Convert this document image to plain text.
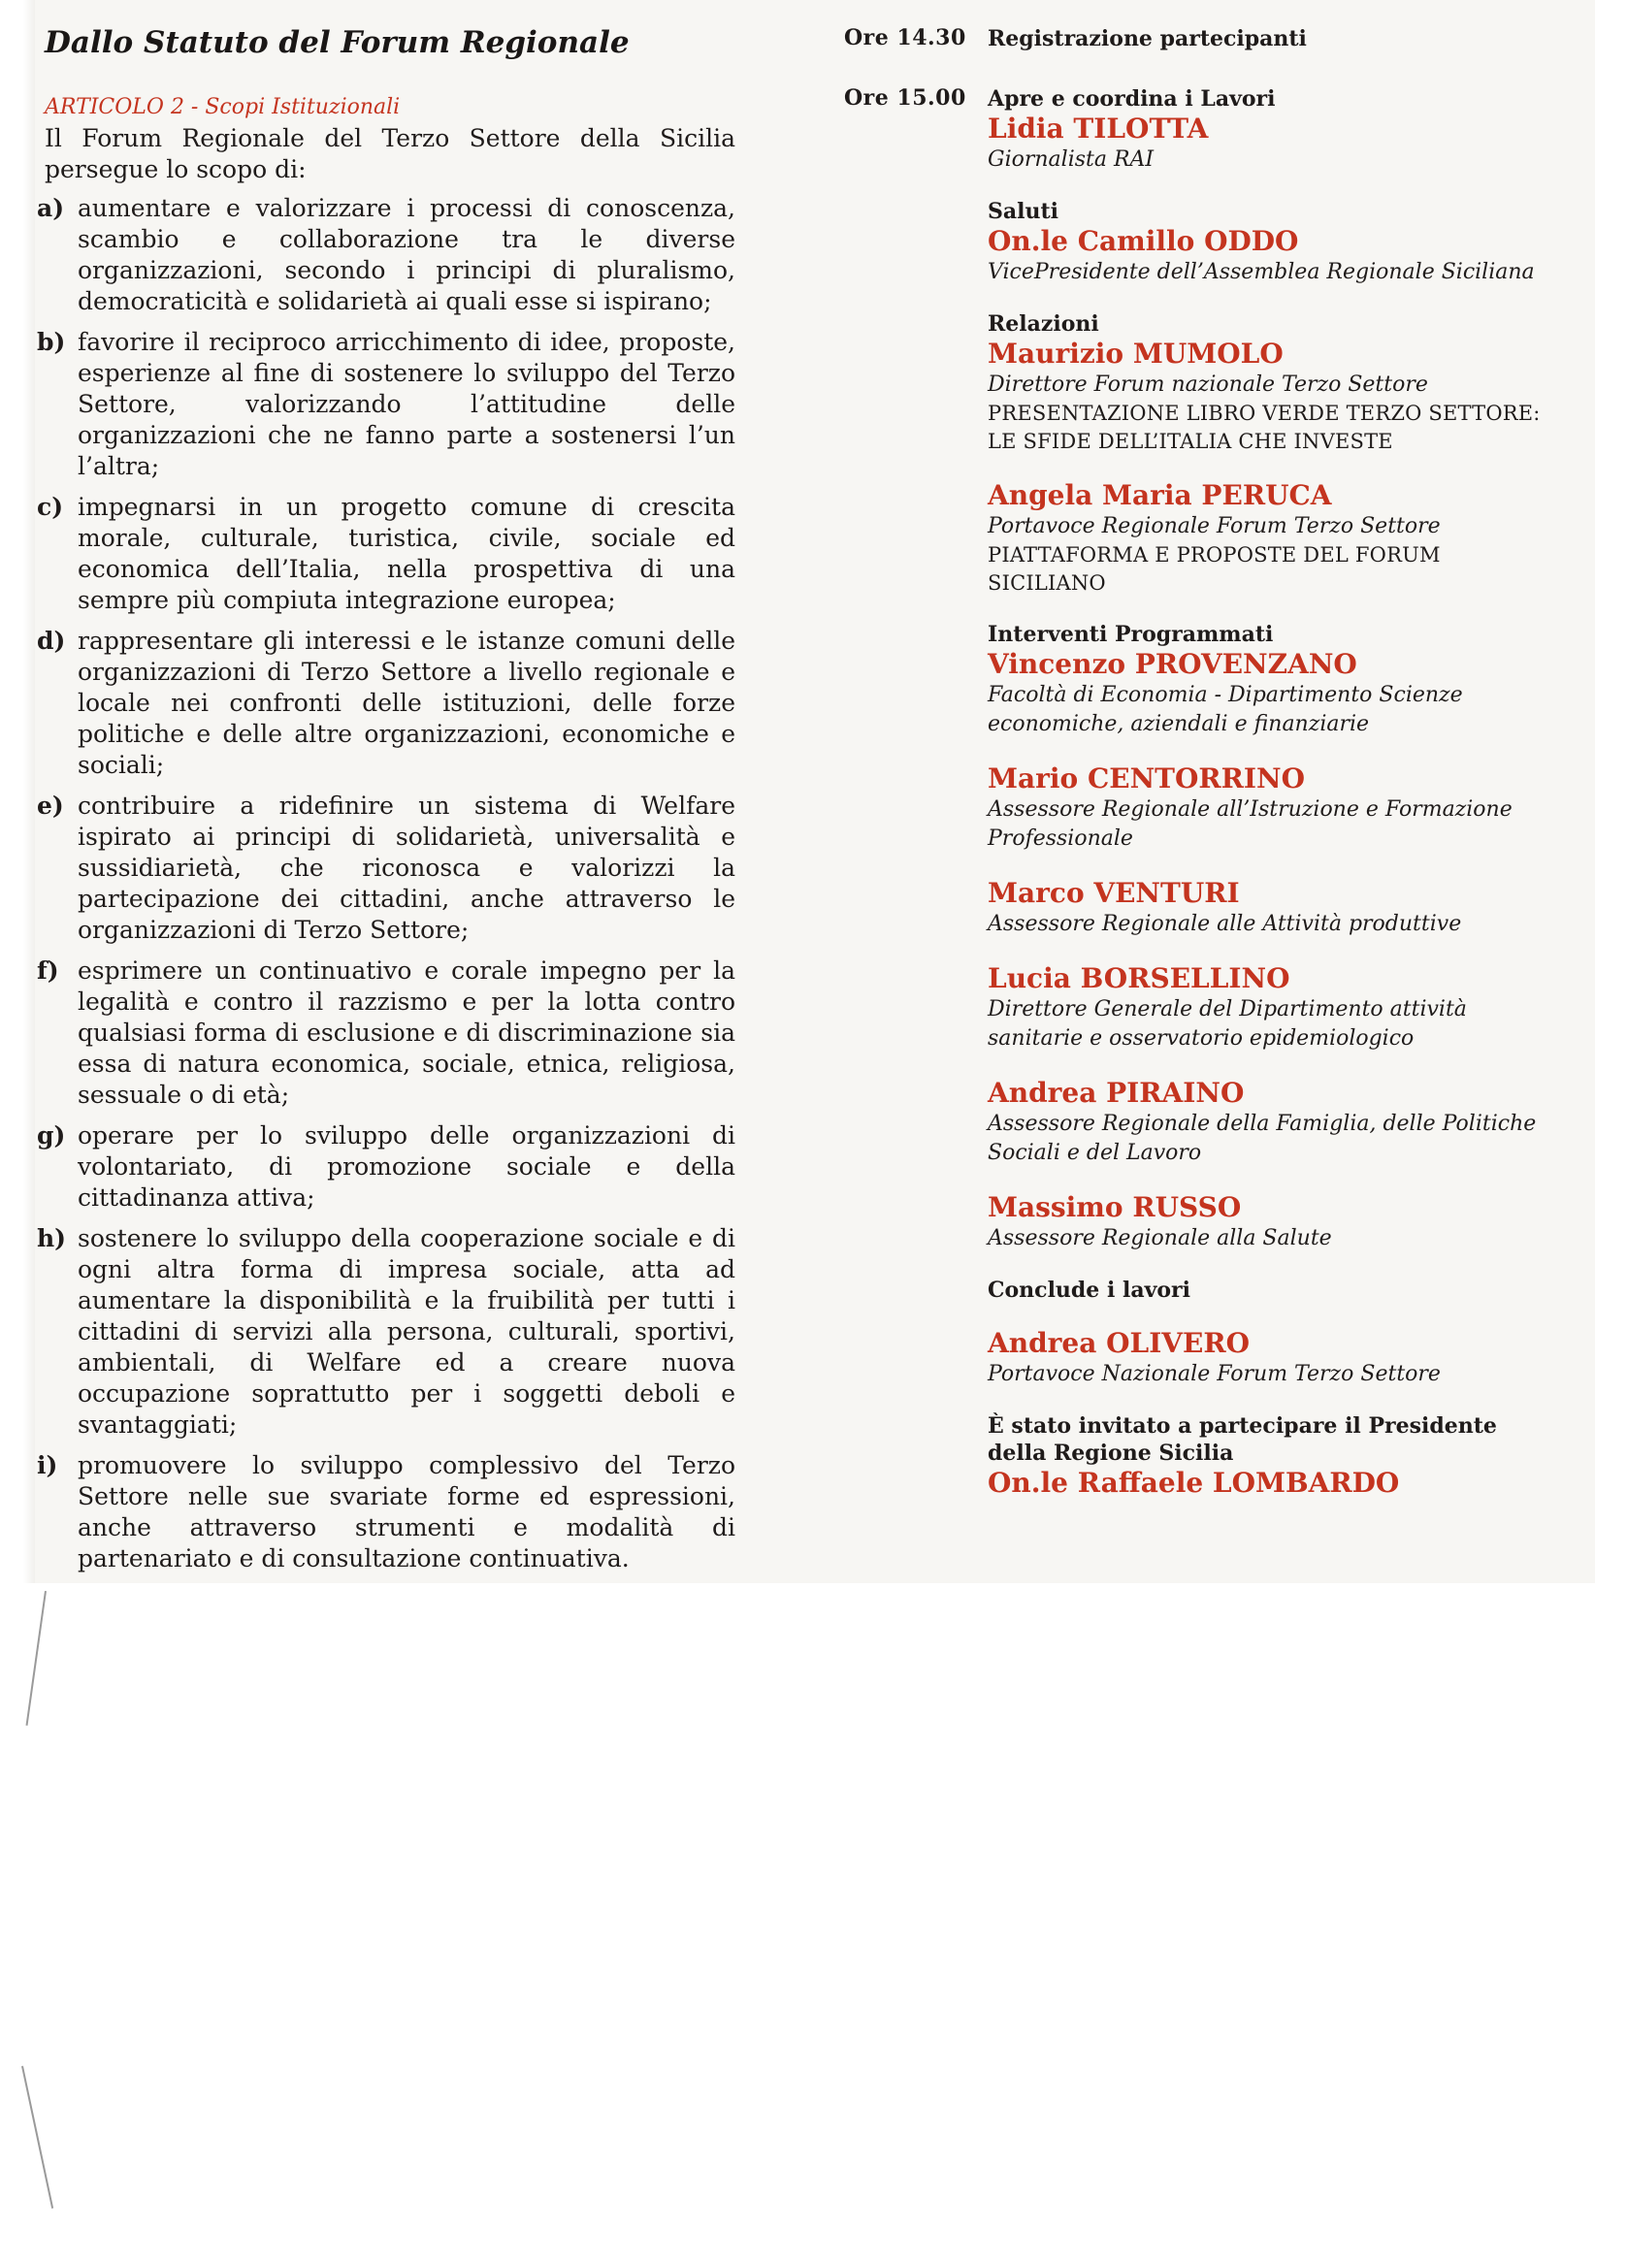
Dallo Statuto del Forum Regionale
ARTICOLO 2 - Scopi Istituzionali
Il Forum Regionale del Terzo Settore della Sicilia persegue lo scopo di:
a) aumentare e valorizzare i processi di conoscenza, scambio e collaborazione tra le diverse organizzazioni, secondo i principi di pluralismo, democraticità e solidarietà ai quali esse si ispirano;
b) favorire il reciproco arricchimento di idee, proposte, esperienze al fine di sostenere lo sviluppo del Terzo Settore, valorizzando l’attitudine delle organizzazioni che ne fanno parte a sostenersi l’un l’altra;
c) impegnarsi in un progetto comune di crescita morale, culturale, turistica, civile, sociale ed economica dell’Italia, nella prospettiva di una sempre più compiuta integrazione europea;
d) rappresentare gli interessi e le istanze comuni delle organizzazioni di Terzo Settore a livello regionale e locale nei confronti delle istituzioni, delle forze politiche e delle altre organizzazioni, economiche e sociali;
e) contribuire a ridefinire un sistema di Welfare ispirato ai principi di solidarietà, universalità e sussidiarietà, che riconosca e valorizzi la partecipazione dei cittadini, anche attraverso le organizzazioni di Terzo Settore;
f) esprimere un continuativo e corale impegno per la legalità e contro il razzismo e per la lotta contro qualsiasi forma di esclusione e di discriminazione sia essa di natura economica, sociale, etnica, religiosa, sessuale o di età;
g) operare per lo sviluppo delle organizzazioni di volontariato, di promozione sociale e della cittadinanza attiva;
h) sostenere lo sviluppo della cooperazione sociale e di ogni altra forma di impresa sociale, atta ad aumentare la disponibilità e la fruibilità per tutti i cittadini di servizi alla persona, culturali, sportivi, ambientali, di Welfare ed a creare nuova occupazione soprattutto per i soggetti deboli e svantaggiati;
i) promuovere lo sviluppo complessivo del Terzo Settore nelle sue svariate forme ed espressioni, anche attraverso strumenti e modalità di partenariato e di consultazione continuativa.
Ore 14.30
Ore 15.00
Registrazione partecipanti
Apre e coordina i Lavori
Lidia TILOTTA
Giornalista RAI
Saluti
On.le Camillo ODDO
VicePresidente dell’Assemblea Regionale Siciliana
Relazioni
Maurizio MUMOLO
Direttore Forum nazionale Terzo Settore
PRESENTAZIONE LIBRO VERDE TERZO SETTORE:
LE SFIDE DELL’ITALIA CHE INVESTE
Angela Maria PERUCA
Portavoce Regionale Forum Terzo Settore
PIATTAFORMA E PROPOSTE DEL FORUM SICILIANO
Interventi Programmati
Vincenzo PROVENZANO
Facoltà di Economia - Dipartimento Scienze economiche, aziendali e finanziarie
Mario CENTORRINO
Assessore Regionale all’Istruzione e Formazione Professionale
Marco VENTURI
Assessore Regionale alle Attività produttive
Lucia BORSELLINO
Direttore Generale del Dipartimento attività sanitarie e osservatorio epidemiologico
Andrea PIRAINO
Assessore Regionale della Famiglia, delle Politiche Sociali e del Lavoro
Massimo RUSSO
Assessore Regionale alla Salute
Conclude i lavori
Andrea OLIVERO
Portavoce Nazionale Forum Terzo Settore
È stato invitato a partecipare il Presidente della Regione Sicilia
On.le Raffaele LOMBARDO
